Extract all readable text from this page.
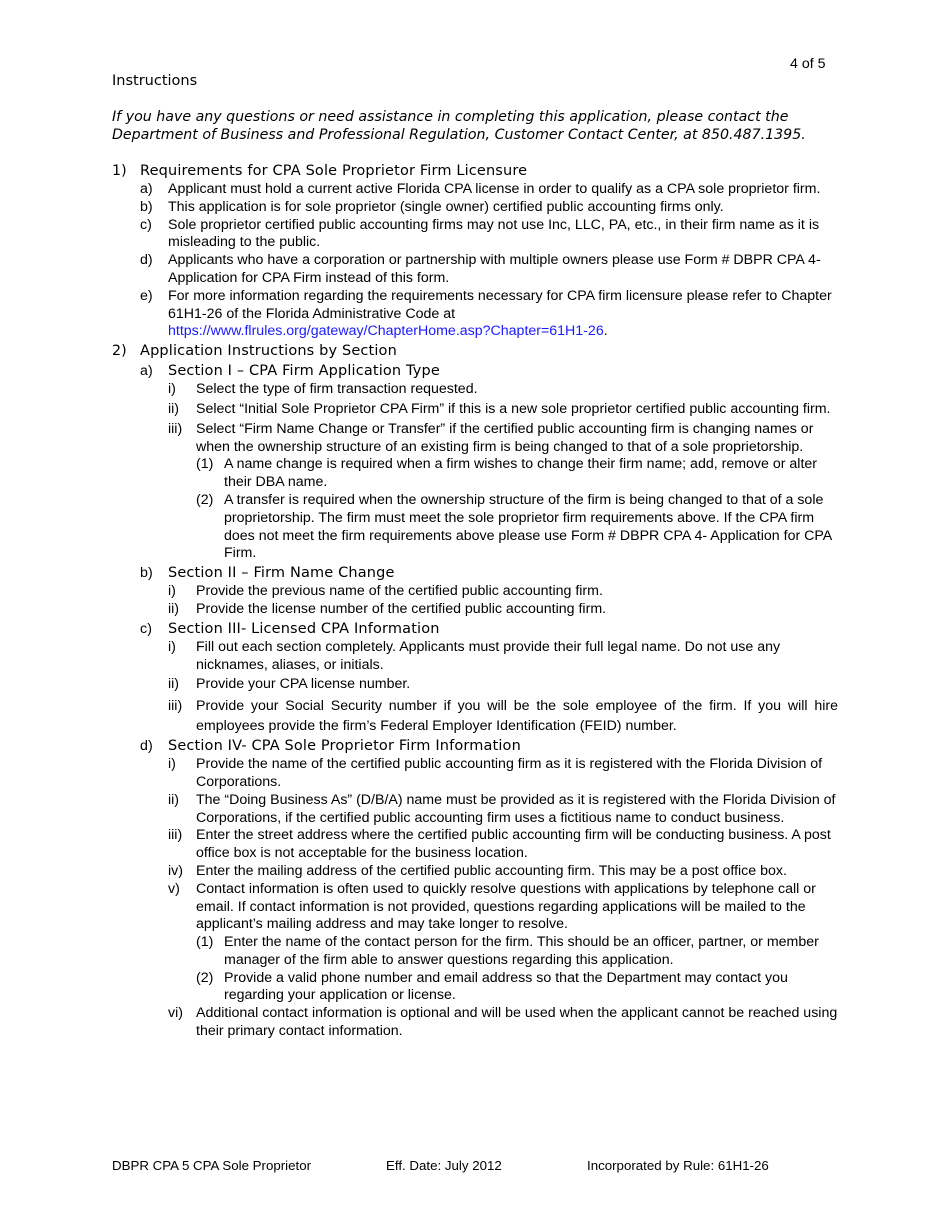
4 of 5
Instructions
If you have any questions or need assistance in completing this application, please contact the Department of Business and Professional Regulation, Customer Contact Center, at 850.487.1395.
1) Requirements for CPA Sole Proprietor Firm Licensure
a) Applicant must hold a current active Florida CPA license in order to qualify as a CPA sole proprietor firm.
b) This application is for sole proprietor (single owner) certified public accounting firms only.
c) Sole proprietor certified public accounting firms may not use Inc, LLC, PA, etc., in their firm name as it is misleading to the public.
d) Applicants who have a corporation or partnership with multiple owners please use Form # DBPR CPA 4- Application for CPA Firm instead of this form.
e) For more information regarding the requirements necessary for CPA firm licensure please refer to Chapter 61H1-26 of the Florida Administrative Code at
https://www.flrules.org/gateway/ChapterHome.asp?Chapter=61H1-26.
2) Application Instructions by Section
a) Section I – CPA Firm Application Type
i) Select the type of firm transaction requested.
ii) Select “Initial Sole Proprietor CPA Firm” if this is a new sole proprietor certified public accounting firm.
iii) Select “Firm Name Change or Transfer” if the certified public accounting firm is changing names or when the ownership structure of an existing firm is being changed to that of a sole proprietorship.
(1) A name change is required when a firm wishes to change their firm name; add, remove or alter their DBA name.
(2) A transfer is required when the ownership structure of the firm is being changed to that of a sole proprietorship. The firm must meet the sole proprietor firm requirements above. If the CPA firm does not meet the firm requirements above please use Form # DBPR CPA 4- Application for CPA Firm.
b) Section II – Firm Name Change
i) Provide the previous name of the certified public accounting firm.
ii) Provide the license number of the certified public accounting firm.
c) Section III- Licensed CPA Information
i) Fill out each section completely. Applicants must provide their full legal name. Do not use any nicknames, aliases, or initials.
ii) Provide your CPA license number.
iii) Provide your Social Security number if you will be the sole employee of the firm. If you will hire employees provide the firm’s Federal Employer Identification (FEID) number.
d) Section IV- CPA Sole Proprietor Firm Information
i) Provide the name of the certified public accounting firm as it is registered with the Florida Division of Corporations.
ii) The “Doing Business As” (D/B/A) name must be provided as it is registered with the Florida Division of Corporations, if the certified public accounting firm uses a fictitious name to conduct business.
iii) Enter the street address where the certified public accounting firm will be conducting business. A post office box is not acceptable for the business location.
iv) Enter the mailing address of the certified public accounting firm. This may be a post office box.
v) Contact information is often used to quickly resolve questions with applications by telephone call or email. If contact information is not provided, questions regarding applications will be mailed to the applicant’s mailing address and may take longer to resolve.
(1) Enter the name of the contact person for the firm. This should be an officer, partner, or member manager of the firm able to answer questions regarding this application.
(2) Provide a valid phone number and email address so that the Department may contact you regarding your application or license.
vi) Additional contact information is optional and will be used when the applicant cannot be reached using their primary contact information.
DBPR CPA 5 CPA Sole Proprietor	Eff. Date: July 2012	Incorporated by Rule: 61H1-26
